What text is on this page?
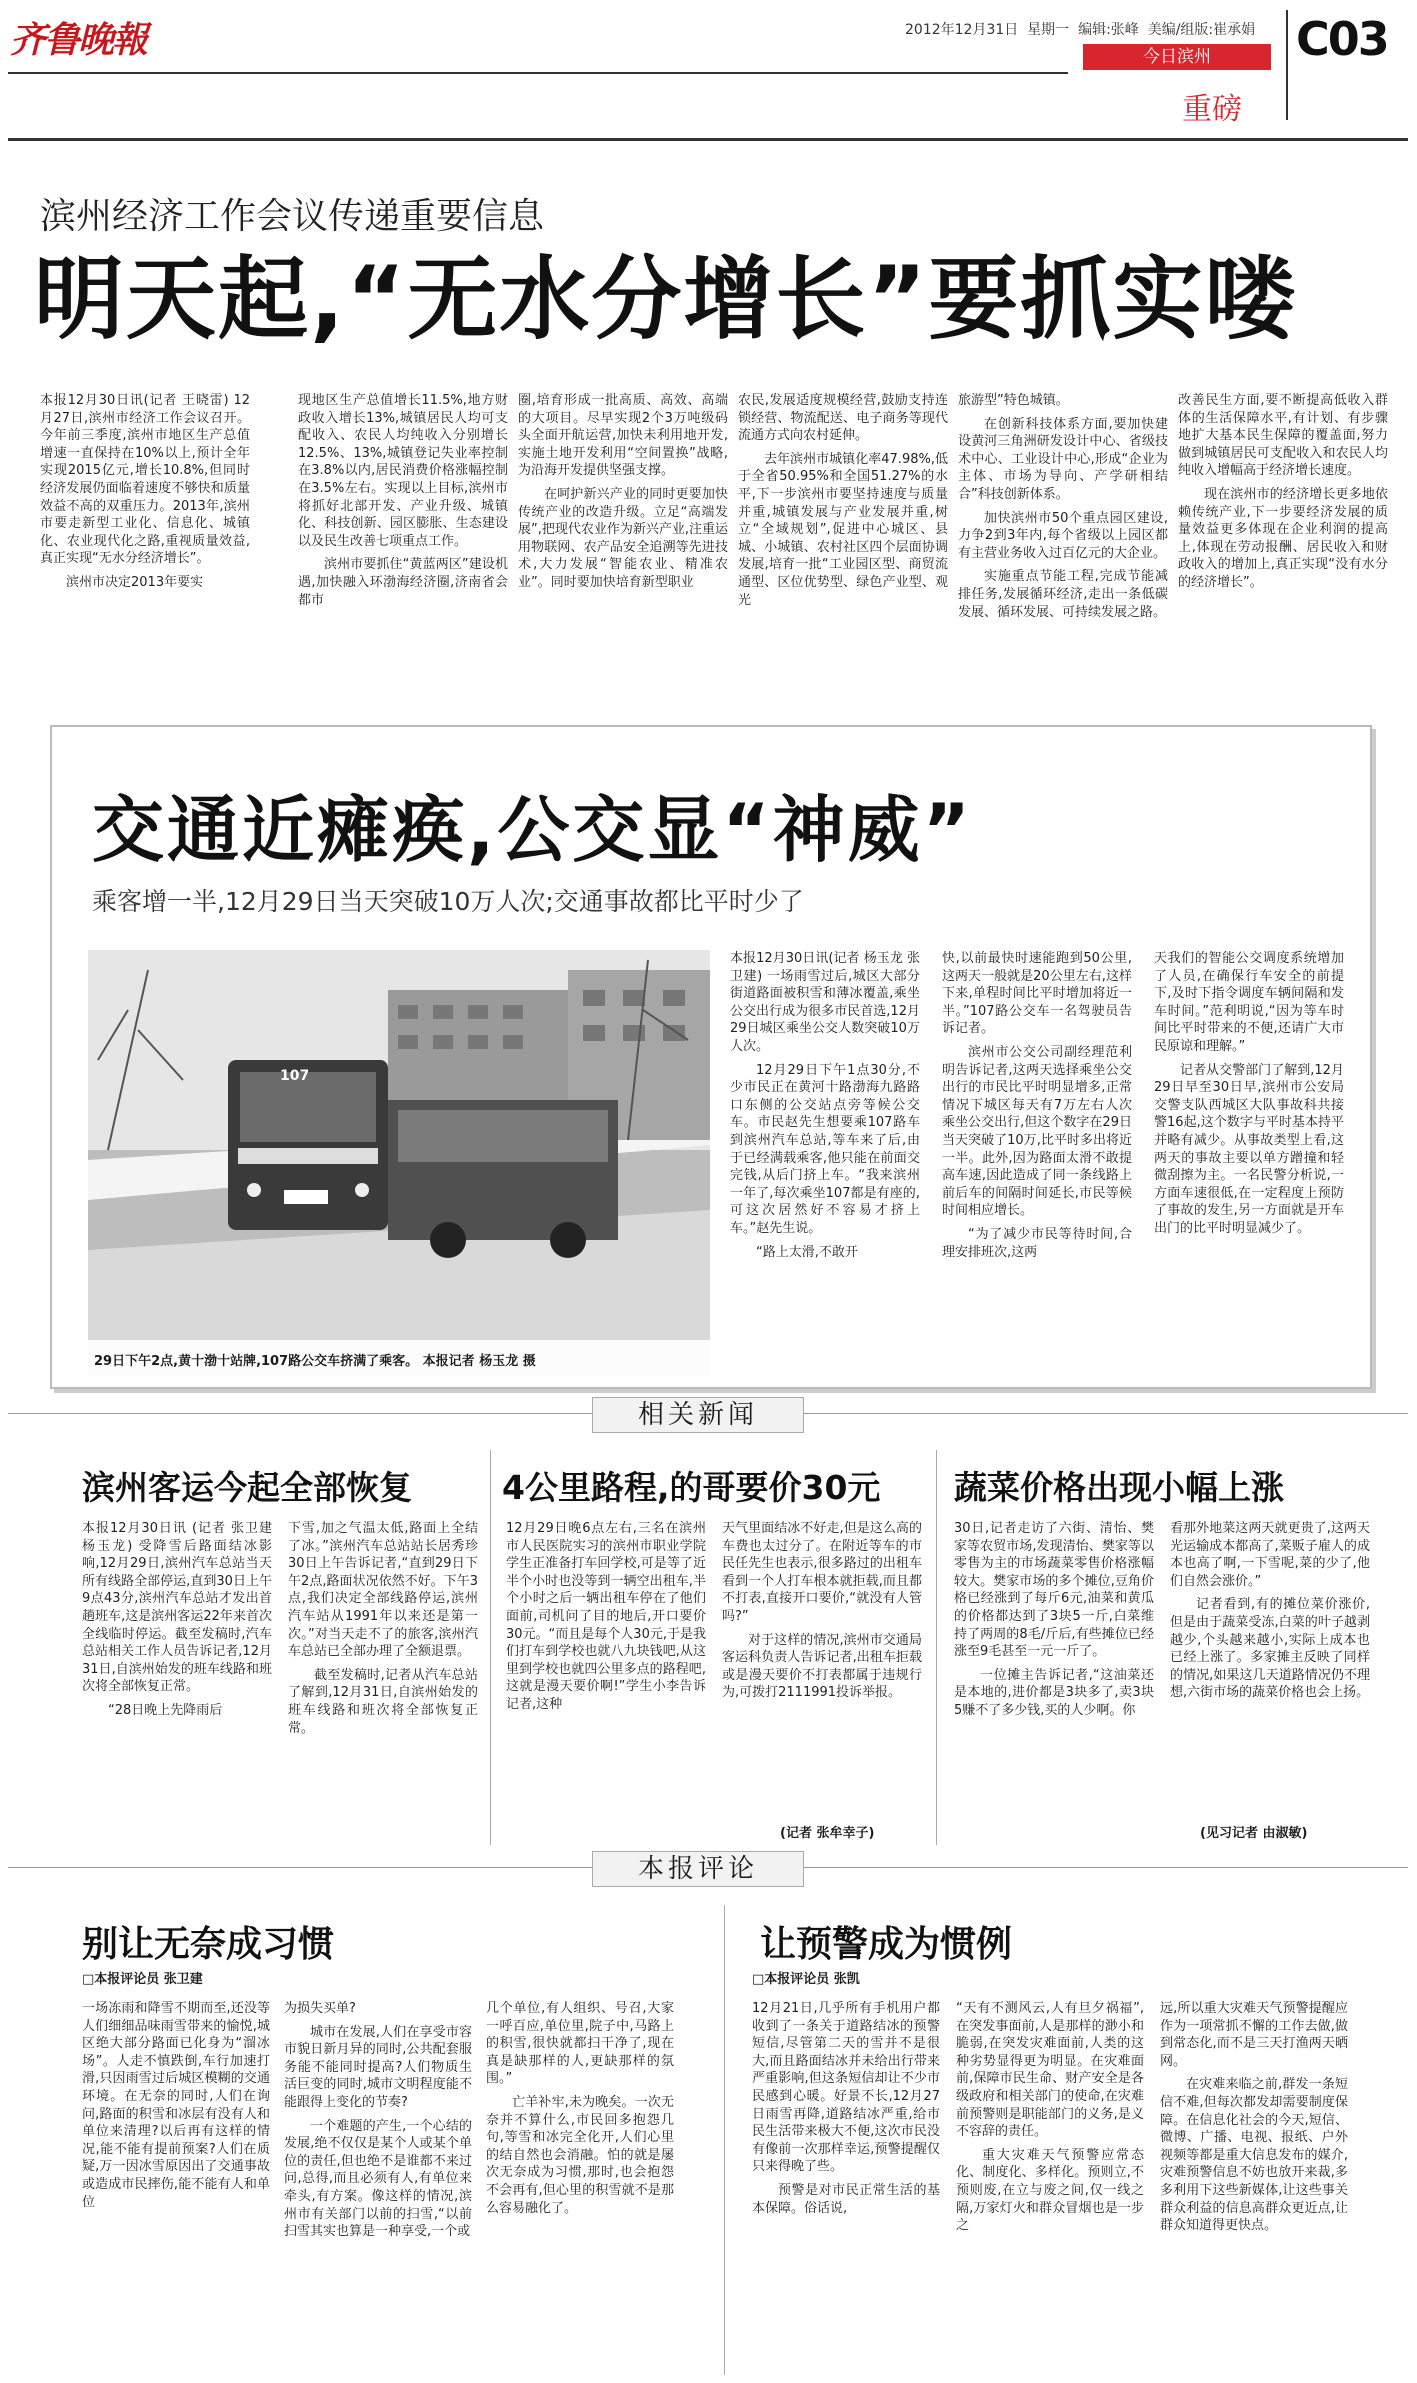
齐鲁晚報	2012年12月31日 星期一 编辑:张峰 美编/组版:崔承娟
今日滨州
重磅
C03
滨州经济工作会议传递重要信息
明天起,“无水分增长”要抓实喽

本报12月30日讯(记者 王晓雷) 12月27日,滨州市经济工作会议召开。今年前三季度,滨州市地区生产总值增速一直保持在10%以上,预计全年实现2015亿元,增长10.8%,但同时经济发展仍面临着速度不够快和质量效益不高的双重压力。2013年,滨州市要走新型工业化、信息化、城镇化、农业现代化之路,重视质量效益,真正实现“无水分经济增长”。

滨州市决定2013年要实

现地区生产总值增长11.5%,地方财政收入增长13%,城镇居民人均可支配收入、农民人均纯收入分别增长12.5%、13%,城镇登记失业率控制在3.8%以内,居民消费价格涨幅控制在3.5%左右。实现以上目标,滨州市将抓好北部开发、产业升级、城镇化、科技创新、园区膨胀、生态建设以及民生改善七项重点工作。

滨州市要抓住“黄蓝两区”建设机遇,加快融入环渤海经济圈,济南省会都市

圈,培育形成一批高质、高效、高端的大项目。尽早实现2个3万吨级码头全面开航运营,加快未利用地开发,实施土地开发利用“空间置换”战略,为沿海开发提供坚强支撑。

在呵护新兴产业的同时更要加快传统产业的改造升级。立足“高端发展”,把现代农业作为新兴产业,注重运用物联网、农产品安全追溯等先进技术,大力发展“智能农业、精准农业”。同时要加快培育新型职业

农民,发展适度规模经营,鼓励支持连锁经营、物流配送、电子商务等现代流通方式向农村延伸。

去年滨州市城镇化率47.98%,低于全省50.95%和全国51.27%的水平,下一步滨州市要坚持速度与质量并重,城镇发展与产业发展并重,树立“全域规划”,促进中心城区、县城、小城镇、农村社区四个层面协调发展,培育一批“工业园区型、商贸流通型、区位优势型、绿色产业型、观光

旅游型”特色城镇。

在创新科技体系方面,要加快建设黄河三角洲研发设计中心、省级技术中心、工业设计中心,形成“企业为主体、市场为导向、产学研相结合”科技创新体系。

加快滨州市50个重点园区建设,力争2到3年内,每个省级以上园区都有主营业务收入过百亿元的大企业。

实施重点节能工程,完成节能减排任务,发展循环经济,走出一条低碳发展、循环发展、可持续发展之路。

改善民生方面,要不断提高低收入群体的生活保障水平,有计划、有步骤地扩大基本民生保障的覆盖面,努力做到城镇居民可支配收入和农民人均纯收入增幅高于经济增长速度。

现在滨州市的经济增长更多地依赖传统产业,下一步要经济发展的质量效益更多体现在企业利润的提高上,体现在劳动报酬、居民收入和财政收入的增加上,真正实现“没有水分的经济增长”。

交通近瘫痪,公交显“神威”
乘客增一半,12月29日当天突破10万人次;交通事故都比平时少了
107
29日下午2点,黄十渤十站牌,107路公交车挤满了乘客。 本报记者 杨玉龙 摄

本报12月30日讯(记者 杨玉龙 张卫建) 一场雨雪过后,城区大部分街道路面被积雪和薄冰覆盖,乘坐公交出行成为很多市民首选,12月29日城区乘坐公交人数突破10万人次。

12月29日下午1点30分,不少市民正在黄河十路渤海九路路口东侧的公交站点旁等候公交车。市民赵先生想要乘107路车到滨州汽车总站,等车来了后,由于已经满载乘客,他只能在前面交完钱,从后门挤上车。“我来滨州一年了,每次乘坐107都是有座的,可这次居然好不容易才挤上车。”赵先生说。

“路上太滑,不敢开

快,以前最快时速能跑到50公里,这两天一般就是20公里左右,这样下来,单程时间比平时增加将近一半。”107路公交车一名驾驶员告诉记者。

滨州市公交公司副经理范利明告诉记者,这两天选择乘坐公交出行的市民比平时明显增多,正常情况下城区每天有7万左右人次乘坐公交出行,但这个数字在29日当天突破了10万,比平时多出将近一半。此外,因为路面太滑不敢提高车速,因此造成了同一条线路上前后车的间隔时间延长,市民等候时间相应增长。

“为了减少市民等待时间,合理安排班次,这两

天我们的智能公交调度系统增加了人员,在确保行车安全的前提下,及时下指令调度车辆间隔和发车时间。”范利明说,“因为等车时间比平时带来的不便,还请广大市民原谅和理解。”

记者从交警部门了解到,12月29日早至30日早,滨州市公安局交警支队西城区大队事故科共接警16起,这个数字与平时基本持平并略有减少。从事故类型上看,这两天的事故主要以单方蹭撞和轻微刮擦为主。一名民警分析说,一方面车速很低,在一定程度上预防了事故的发生,另一方面就是开车出门的比平时明显减少了。

相关新闻
滨州客运今起全部恢复

本报12月30日讯 (记者 张卫建 杨玉龙) 受降雪后路面结冰影响,12月29日,滨州汽车总站当天所有线路全部停运,直到30日上午9点43分,滨州汽车总站才发出首趟班车,这是滨州客运22年来首次全线临时停运。截至发稿时,汽车总站相关工作人员告诉记者,12月31日,自滨州始发的班车线路和班次将全部恢复正常。

“28日晚上先降雨后

下雪,加之气温太低,路面上全结了冰。”滨州汽车总站站长居秀珍30日上午告诉记者,“直到29日下午2点,路面状况依然不好。下午3点,我们决定全部线路停运,滨州汽车站从1991年以来还是第一次。”对当天走不了的旅客,滨州汽车总站已全部办理了全额退票。

截至发稿时,记者从汽车总站了解到,12月31日,自滨州始发的班车线路和班次将全部恢复正常。

4公里路程,的哥要价30元

12月29日晚6点左右,三名在滨州市人民医院实习的滨州市职业学院学生正准备打车回学校,可是等了近半个小时也没等到一辆空出租车,半个小时之后一辆出租车停在了他们面前,司机问了目的地后,开口要价30元。“而且是每个人30元,于是我们打车到学校也就八九块钱吧,从这里到学校也就四公里多点的路程吧,这就是漫天要价啊!”学生小李告诉记者,这种

天气里面结冰不好走,但是这么高的车费也太过分了。在附近等车的市民任先生也表示,很多路过的出租车看到一个人打车根本就拒载,而且都不打表,直接开口要价,“就没有人管吗?”

对于这样的情况,滨州市交通局客运科负责人告诉记者,出租车拒载或是漫天要价不打表都属于违规行为,可拨打2111991投诉举报。

(记者 张牟幸子)
蔬菜价格出现小幅上涨

30日,记者走访了六街、清怡、樊家等农贸市场,发现清怡、樊家等以零售为主的市场蔬菜零售价格涨幅较大。樊家市场的多个摊位,豆角价格已经涨到了每斤6元,油菜和黄瓜的价格都达到了3块5一斤,白菜维持了两周的8毛/斤后,有些摊位已经涨至9毛甚至一元一斤了。

一位摊主告诉记者,“这油菜还是本地的,进价都是3块多了,卖3块5赚不了多少钱,买的人少啊。你

看那外地菜这两天就更贵了,这两天光运输成本都高了,菜贩子雇人的成本也高了啊,一下雪呢,菜的少了,他们自然会涨价。”

记者看到,有的摊位菜价涨价,但是由于蔬菜受冻,白菜的叶子越剥越少,个头越来越小,实际上成本也已经上涨了。多家摊主反映了同样的情况,如果这几天道路情况仍不理想,六街市场的蔬菜价格也会上扬。

(见习记者 由淑敏)
本报评论
别让无奈成习惯
□本报评论员 张卫建

一场冻雨和降雪不期而至,还没等人们细细品味雨雪带来的愉悦,城区绝大部分路面已化身为“溜冰场”。人走不慎跌倒,车行加速打滑,只因雨雪过后城区模糊的交通环境。在无奈的同时,人们在询问,路面的积雪和冰层有没有人和单位来清理?以后再有这样的情况,能不能有提前预案?人们在质疑,万一因冰雪原因出了交通事故或造成市民摔伤,能不能有人和单位

为损失买单?

城市在发展,人们在享受市容市貌日新月异的同时,公共配套服务能不能同时提高?人们物质生活巨变的同时,城市文明程度能不能跟得上变化的节奏?

一个难题的产生,一个心结的发展,绝不仅仅是某个人或某个单位的责任,但也绝不是谁都不来过问,总得,而且必须有人,有单位来牵头,有方案。像这样的情况,滨州市有关部门以前的扫雪,“以前扫雪其实也算是一种享受,一个或

几个单位,有人组织、号召,大家一呼百应,单位里,院子中,马路上的积雪,很快就都扫干净了,现在真是缺那样的人,更缺那样的氛围。”

亡羊补牢,未为晚矣。一次无奈并不算什么,市民回多抱怨几句,等雪和冰完全化开,人们心里的结自然也会消融。怕的就是屡次无奈成为习惯,那时,也会抱怨不会再有,但心里的积雪就不是那么容易融化了。

让预警成为惯例
□本报评论员 张凯

12月21日,几乎所有手机用户都收到了一条关于道路结冰的预警短信,尽管第二天的雪并不是很大,而且路面结冰并未给出行带来严重影响,但这条短信却让不少市民感到心暖。好景不长,12月27日雨雪再降,道路结冰严重,给市民生活带来极大不便,这次市民没有像前一次那样幸运,预警提醒仅只来得晚了些。

预警是对市民正常生活的基本保障。俗话说,

“天有不测风云,人有旦夕祸福”,在突发事面前,人是那样的渺小和脆弱,在突发灾难面前,人类的这种劣势显得更为明显。在灾难面前,保障市民生命、财产安全是各级政府和相关部门的使命,在灾难前预警则是职能部门的义务,是义不容辞的责任。

重大灾难天气预警应常态化、制度化、多样化。预则立,不预则废,在立与废之间,仅一线之隔,万家灯火和群众冒烟也是一步之

远,所以重大灾难天气预警提醒应作为一项常抓不懈的工作去做,做到常态化,而不是三天打渔两天晒网。

在灾难来临之前,群发一条短信不难,但每次都发却需要制度保障。在信息化社会的今天,短信、微博、广播、电视、报纸、户外视频等都是重大信息发布的媒介,灾难预警信息不妨也放开来裁,多多利用下这些新媒体,让这些事关群众利益的信息高群众更近点,让群众知道得更快点。
